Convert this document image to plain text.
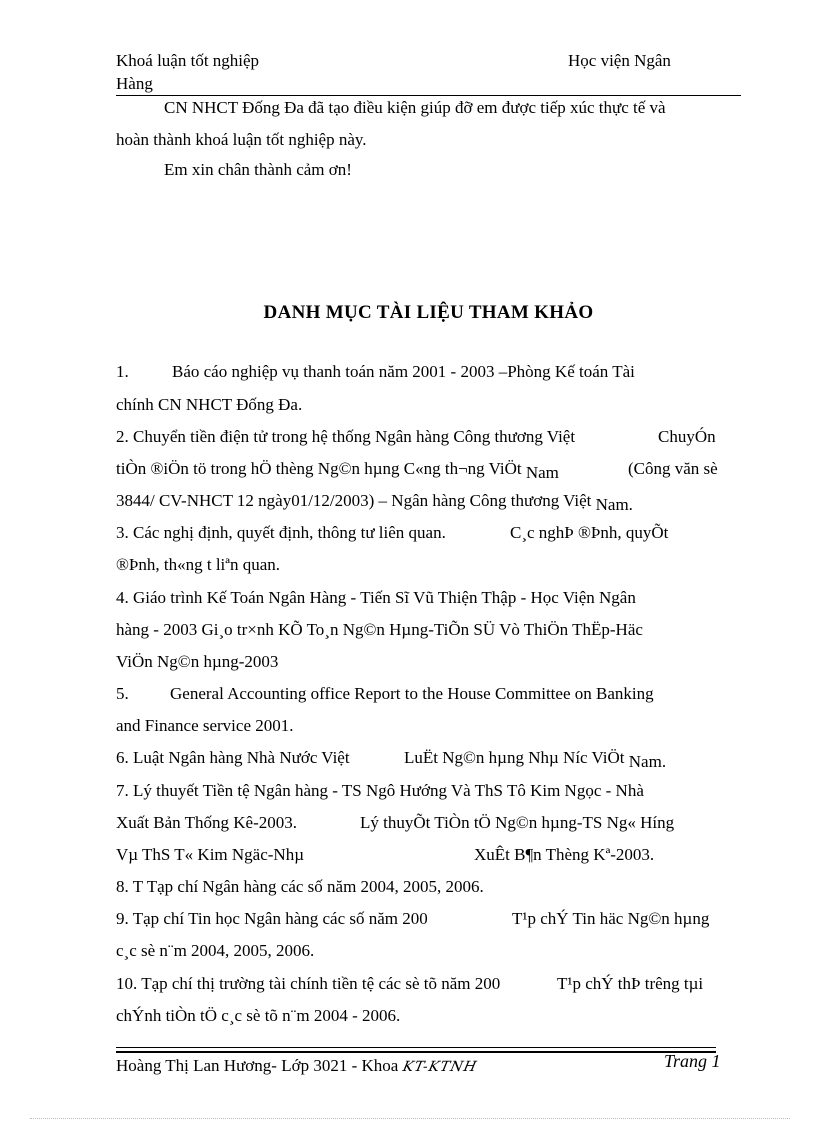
Khoá luận tốt nghiệp	Học viện Ngân
Hàng
CN NHCT Đống Đa đã tạo điều kiện giúp đỡ em được tiếp xúc thực tế và
hoàn thành khoá luận tốt nghiệp này.
Em xin chân thành cảm ơn!
DANH MỤC TÀI LIỆU THAM KHẢO
1.	Báo cáo nghiệp vụ thanh toán năm 2001 - 2003 –Phòng Kế toán Tài
chính CN NHCT Đống Đa.
2. Chuyển tiền điện tử trong hệ thống Ngân hàng Công thương Việt	ChuyÓn
tiÒn ®iÖn tö trong hÖ thèng Ng©n hµng C«ng th¬ng ViÖt Nam	(Công văn sè
3844/ CV-NHCT 12 ngày01/12/2003) – Ngân hàng Công thương Việt Nam.
3. Các nghị định, quyết định, thông tư liên quan.	C¸c nghÞ ®Þnh, quyÕt
®Þnh, th«ng t liªn quan.
4. Giáo trình Kế Toán Ngân Hàng - Tiến Sĩ Vũ Thiện Thập - Học Viện Ngân
hàng - 2003 Gi¸o tr×nh KÕ To¸n Ng©n Hµng-TiÕn SÜ Vò ThiÖn ThËp-Häc
ViÖn Ng©n hµng-2003
5. General Accounting office Report to the House Committee on Banking
and Finance service 2001.
6. Luật Ngân hàng Nhà Nước Việt	LuËt Ng©n hµng Nhµ Níc ViÖt Nam.
7. Lý thuyết Tiền tệ Ngân hàng - TS Ngô Hướng Và ThS Tô Kim Ngọc - Nhà
Xuất Bản Thống Kê-2003.	Lý thuyÕt TiÒn tÖ Ng©n hµng-TS Ng« Híng
Vµ ThS T« Kim Ngäc-Nhµ	XuÊt B¶n Thèng Kª-2003.
8. T Tạp chí Ngân hàng các số năm 2004, 2005, 2006.
9. Tạp chí Tin học Ngân hàng các số năm 200	T¹p chÝ Tin häc Ng©n hµng
c¸c sè n¨m 2004, 2005, 2006.
10. Tạp chí thị trường tài chính tiền tệ các sè tõ năm 200	T¹p chÝ thÞ trêng tµi
chÝnh tiÒn tÖ c¸c sè tõ n¨m 2004 - 2006.
Hoàng Thị Lan Hương- Lớp 3021 - Khoa KT-KTNH	Trang 1
